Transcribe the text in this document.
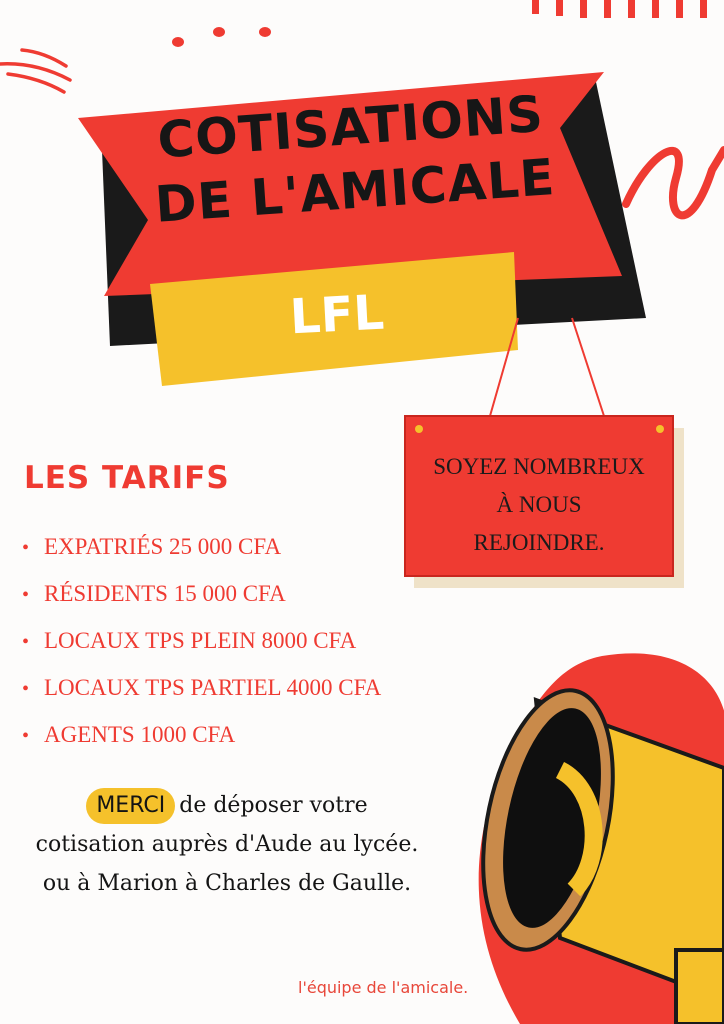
COTISATIONS
DE L'AMICALE
LFL
SOYEZ NOMBREUX
À NOUS
REJOINDRE.
LES TARIFS
• EXPATRIÉS 25 000 CFA
• RÉSIDENTS 15 000 CFA
• LOCAUX TPS PLEIN 8000 CFA
• LOCAUX TPS PARTIEL 4000 CFA
• AGENTS 1000 CFA
MERCI de déposer votre
cotisation auprès d'Aude au lycée.
ou à Marion à Charles de Gaulle.
l'équipe de l'amicale.
